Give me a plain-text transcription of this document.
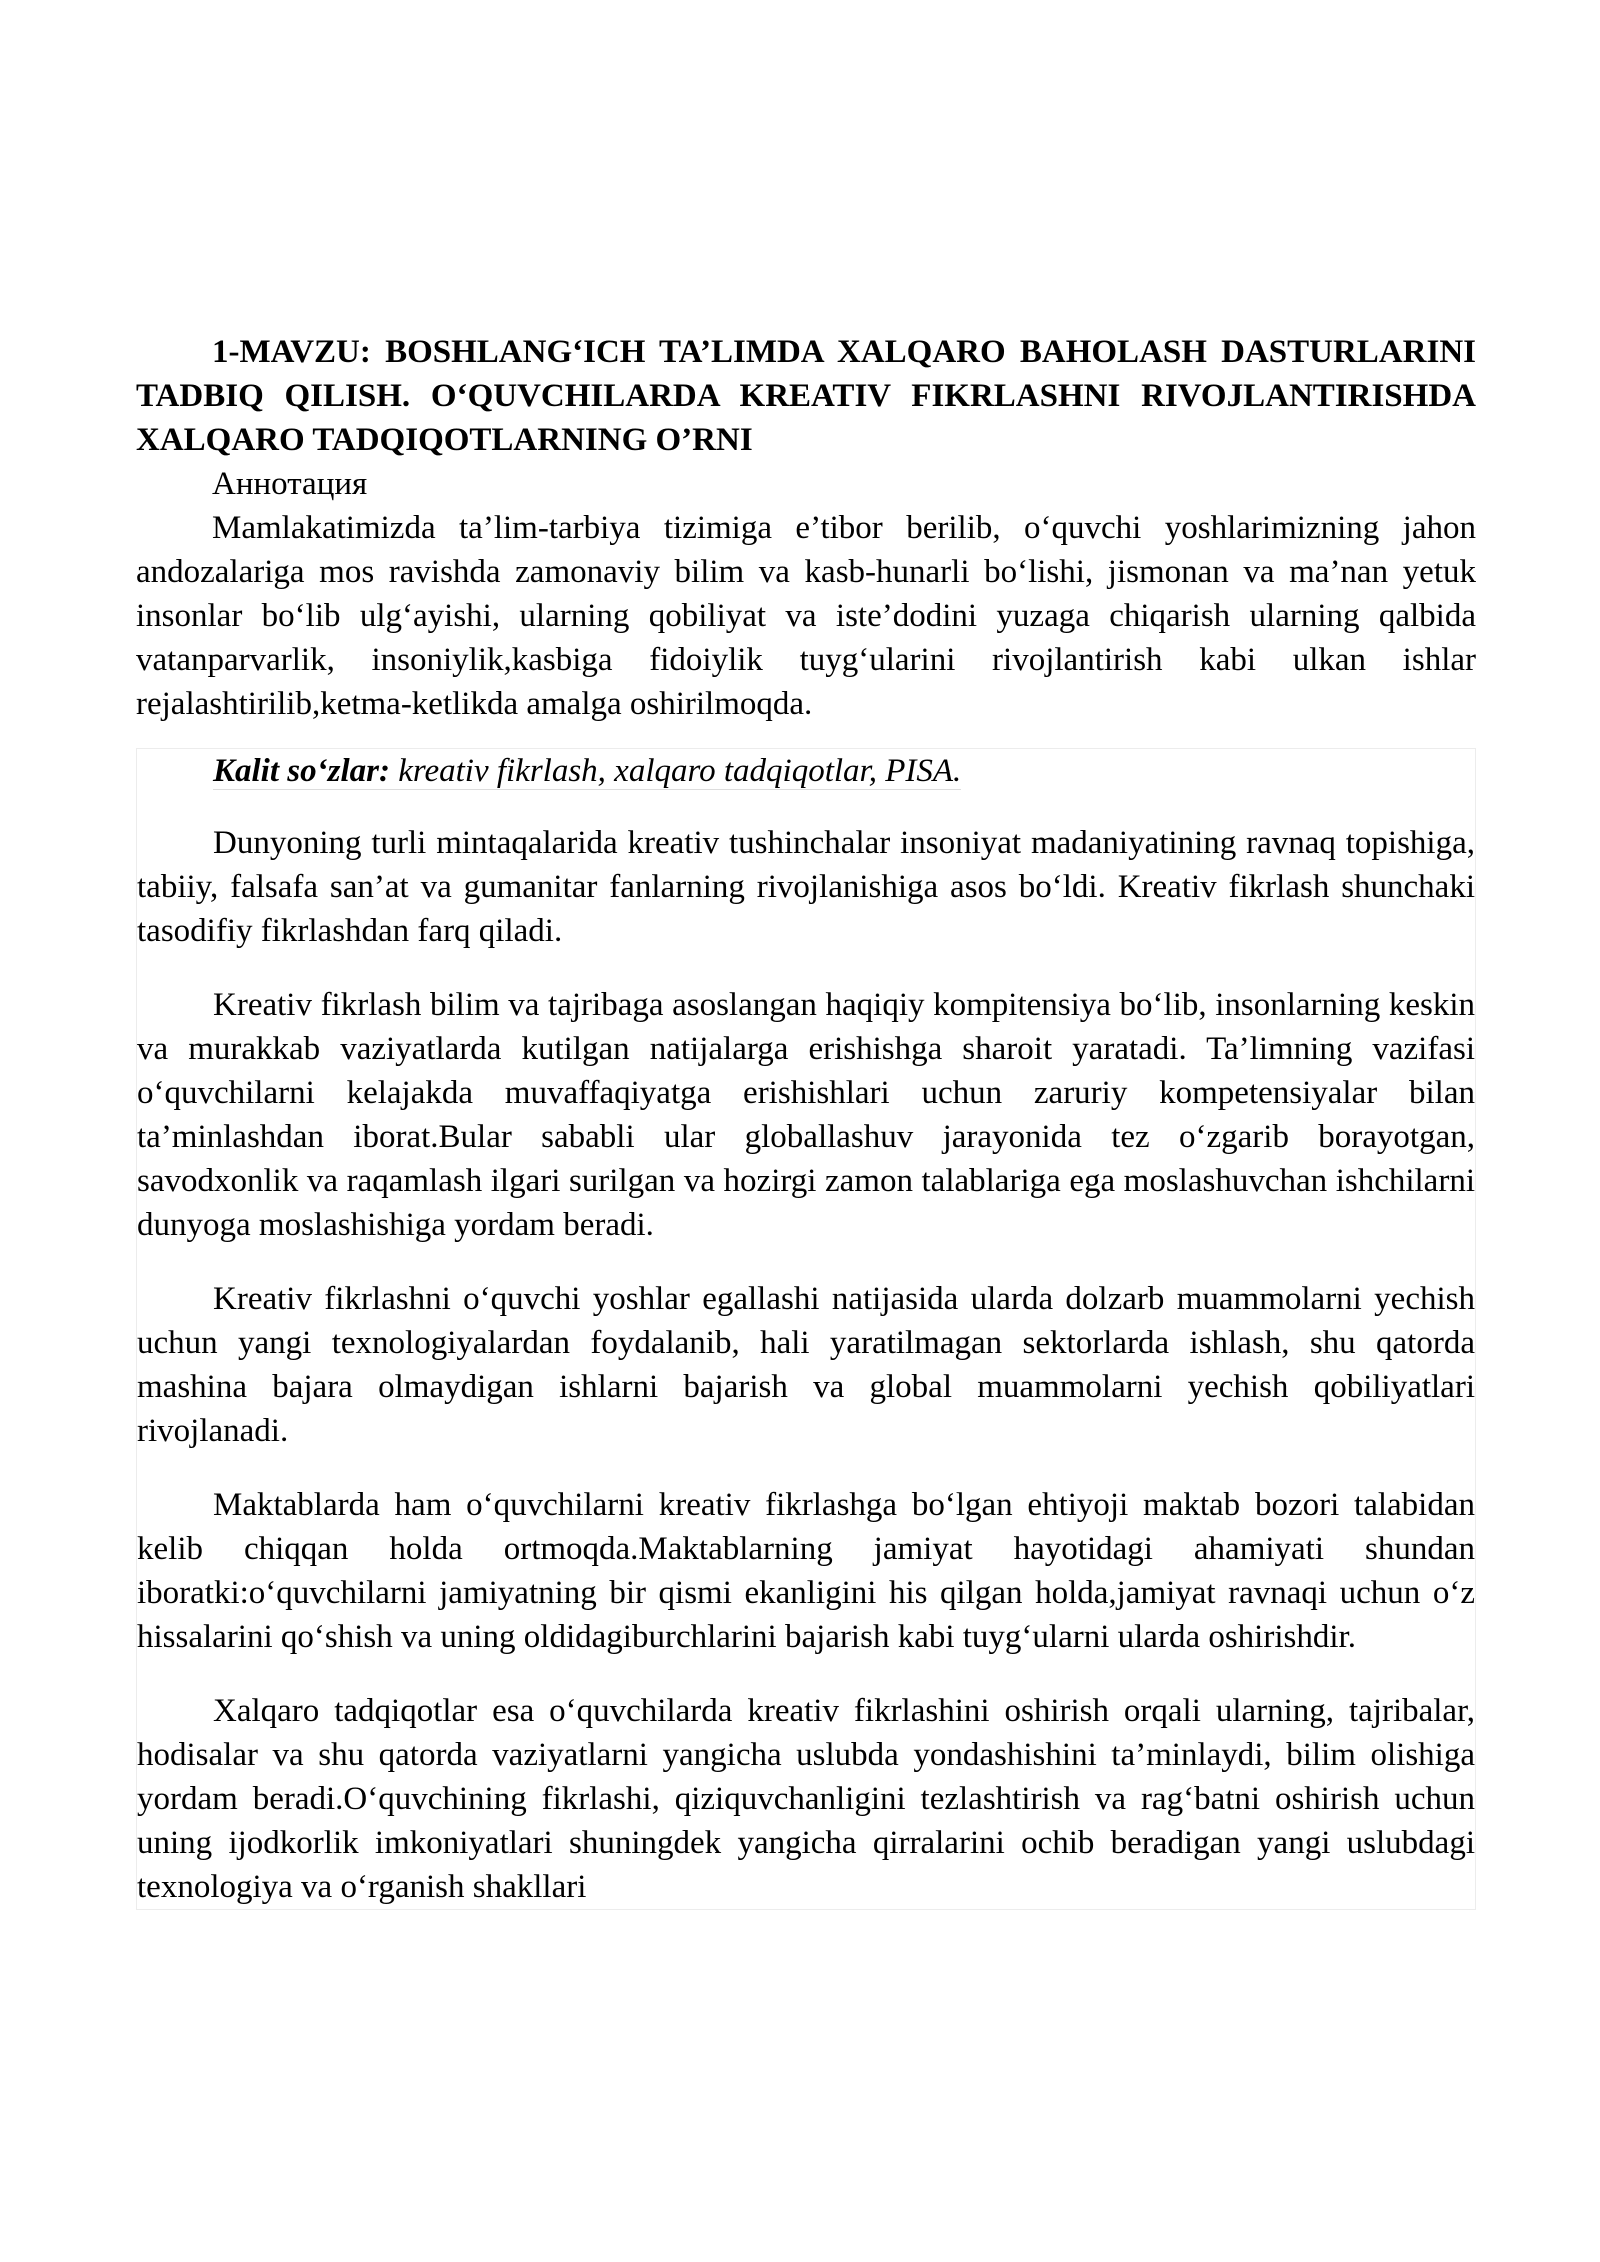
1-MAVZU: BOSHLANG‘ICH TA’LIMDA XALQARO BAHOLASH DASTURLARINI TADBIQ QILISH. O‘QUVCHILARDA KREATIV FIKRLASHNI RIVOJLANTIRISHDA XALQARO TADQIQOTLARNING O’RNI

Аннотация

Mamlakatimizda ta’lim-tarbiya tizimiga e’tibor berilib, o‘quvchi yoshlarimizning jahon andozalariga mos ravishda zamonaviy bilim va kasb-hunarli bo‘lishi, jismonan va ma’nan yetuk insonlar bo‘lib ulg‘ayishi, ularning qobiliyat va iste’dodini yuzaga chiqarish ularning qalbida vatanparvarlik, insoniylik,kasbiga fidoiylik tuyg‘ularini rivojlantirish kabi ulkan ishlar rejalashtirilib,ketma-ketlikda amalga oshirilmoqda.

Kalit so‘zlar: kreativ fikrlash, xalqaro tadqiqotlar, PISA.

Dunyoning turli mintaqalarida kreativ tushinchalar insoniyat madaniyatining ravnaq topishiga, tabiiy, falsafa san’at va gumanitar fanlarning rivojlanishiga asos bo‘ldi. Kreativ fikrlash shunchaki tasodifiy fikrlashdan farq qiladi.

Kreativ fikrlash bilim va tajribaga asoslangan haqiqiy kompitensiya bo‘lib, insonlarning keskin va murakkab vaziyatlarda kutilgan natijalarga erishishga sharoit yaratadi. Ta’limning vazifasi o‘quvchilarni kelajakda muvaffaqiyatga erishishlari uchun zaruriy kompetensiyalar bilan ta’minlashdan iborat.Bular sababli ular globallashuv jarayonida tez o‘zgarib borayotgan, savodxonlik va raqamlash ilgari surilgan va hozirgi zamon talablariga ega moslashuvchan ishchilarni dunyoga moslashishiga yordam beradi.

Kreativ fikrlashni o‘quvchi yoshlar egallashi natijasida ularda dolzarb muammolarni yechish uchun yangi texnologiyalardan foydalanib, hali yaratilmagan sektorlarda ishlash, shu qatorda mashina bajara olmaydigan ishlarni bajarish va global muammolarni yechish qobiliyatlari rivojlanadi.

Maktablarda ham o‘quvchilarni kreativ fikrlashga bo‘lgan ehtiyoji maktab bozori talabidan kelib chiqqan holda ortmoqda.Maktablarning jamiyat hayotidagi ahamiyati shundan iboratki:o‘quvchilarni jamiyatning bir qismi ekanligini his qilgan holda,jamiyat ravnaqi uchun o‘z hissalarini qo‘shish va uning oldidagiburchlarini bajarish kabi tuyg‘ularni ularda oshirishdir.

Xalqaro tadqiqotlar esa o‘quvchilarda kreativ fikrlashini oshirish orqali ularning, tajribalar, hodisalar va shu qatorda vaziyatlarni yangicha uslubda yondashishini ta’minlaydi, bilim olishiga yordam beradi.O‘quvchining fikrlashi, qiziquvchanligini tezlashtirish va rag‘batni oshirish uchun uning ijodkorlik imkoniyatlari shuningdek yangicha qirralarini ochib beradigan yangi uslubdagi texnologiya va o‘rganish shakllari
